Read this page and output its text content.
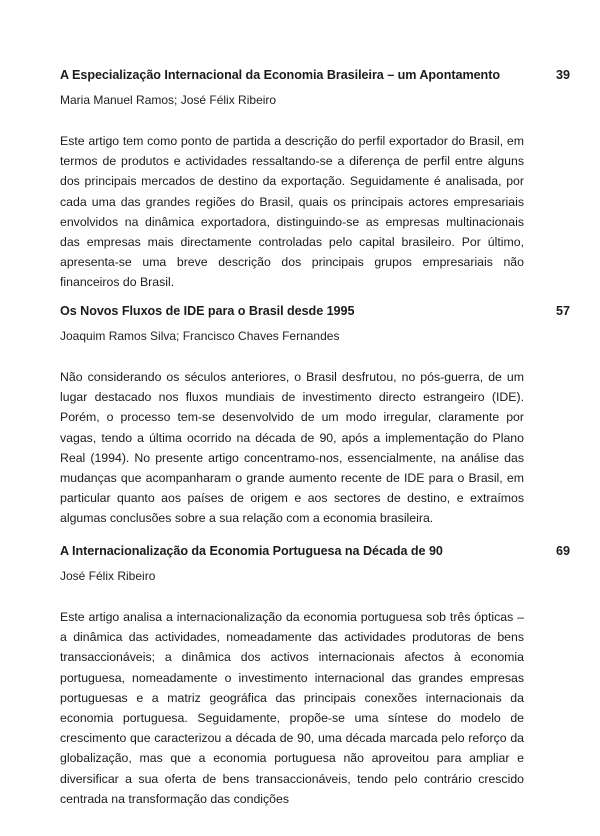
A Especialização Internacional da Economia Brasileira – um Apontamento	39
Maria Manuel Ramos; José Félix Ribeiro
Este artigo tem como ponto de partida a descrição do perfil exportador do Brasil, em termos de produtos e actividades ressaltando-se a diferença de perfil entre alguns dos principais mercados de destino da exportação. Seguidamente é analisada, por cada uma das grandes regiões do Brasil, quais os principais actores empresariais envolvidos na dinâmica exportadora, distinguindo-se as empresas multinacionais das empresas mais directamente controladas pelo capital brasileiro. Por último, apresenta-se uma breve descrição dos principais grupos empresariais não financeiros do Brasil.
Os Novos Fluxos de IDE para o Brasil desde 1995	57
Joaquim Ramos Silva; Francisco Chaves Fernandes
Não considerando os séculos anteriores, o Brasil desfrutou, no pós-guerra, de um lugar destacado nos fluxos mundiais de investimento directo estrangeiro (IDE). Porém, o processo tem-se desenvolvido de um modo irregular, claramente por vagas, tendo a última ocorrido na década de 90, após a implementação do Plano Real (1994). No presente artigo concentramo-nos, essencialmente, na análise das mudanças que acompanharam o grande aumento recente de IDE para o Brasil, em particular quanto aos países de origem e aos sectores de destino, e extraímos algumas conclusões sobre a sua relação com a economia brasileira.
A Internacionalização da Economia Portuguesa na Década de 90	69
José Félix Ribeiro
Este artigo analisa a internacionalização da economia portuguesa sob três ópticas – a dinâmica das actividades, nomeadamente das actividades produtoras de bens transaccionáveis; a dinâmica dos activos internacionais afectos à economia portuguesa, nomeadamente o investimento internacional das grandes empresas portuguesas e a matriz geográfica das principais conexões internacionais da economia portuguesa. Seguidamente, propõe-se uma síntese do modelo de crescimento que caracterizou a década de 90, uma década marcada pelo reforço da globalização, mas que a economia portuguesa não aproveitou para ampliar e diversificar a sua oferta de bens transaccionáveis, tendo pelo contrário crescido centrada na transformação das condições
